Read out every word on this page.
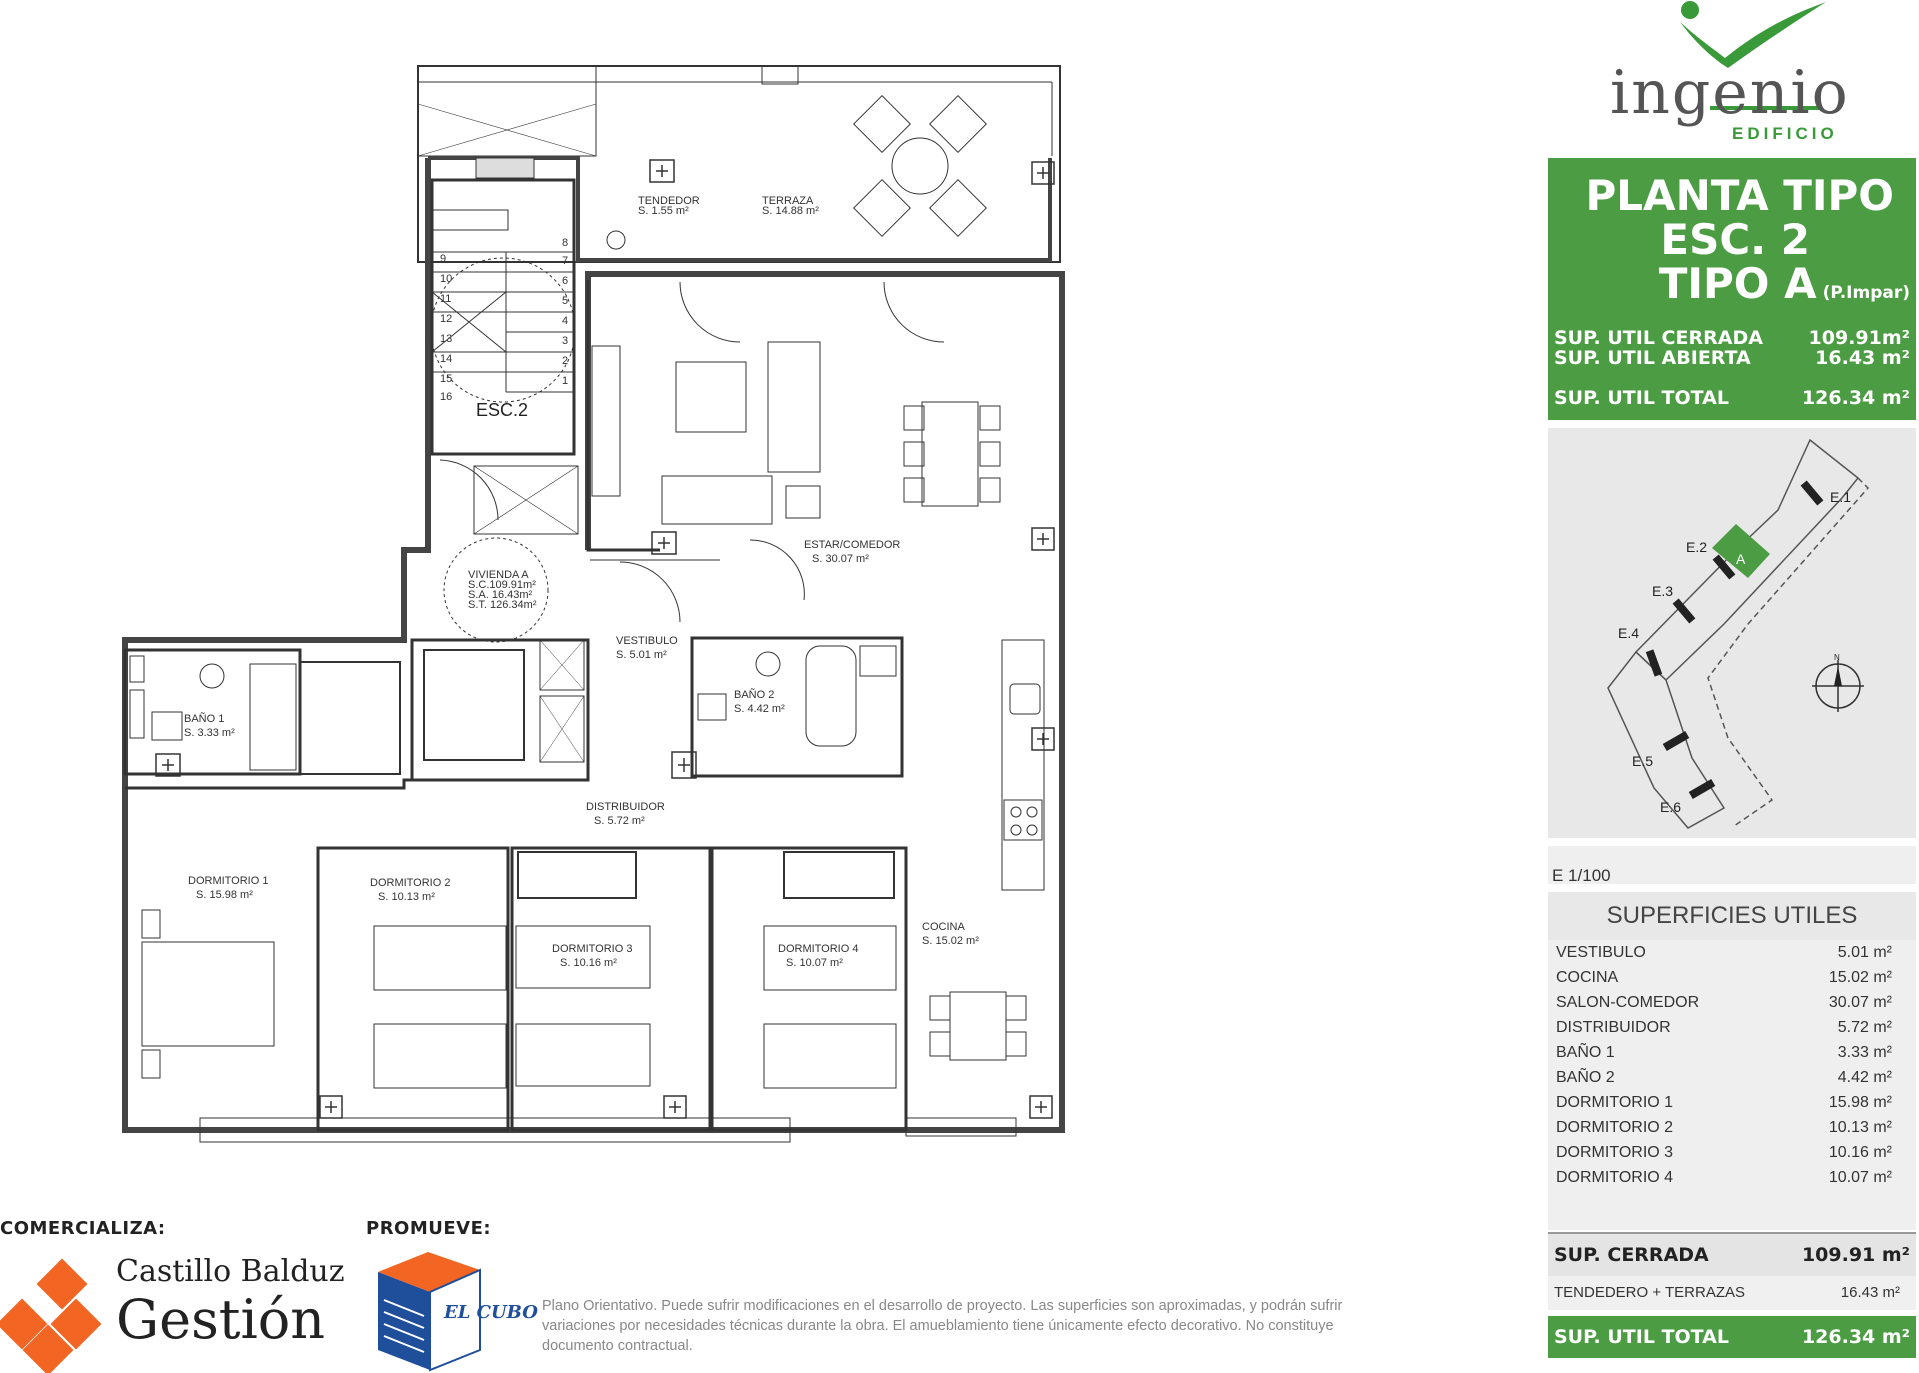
9
10
11
12
13
14
15
16
8
7
6
5
4
3
2
1
ESC.2
TENDEDOR
S. 1.55 m²
TERRAZA
S. 14.88 m²
ESTAR/COMEDOR
S. 30.07 m²
VESTIBULO
S. 5.01 m²
BAÑO 1
S. 3.33 m²
BAÑO 2
S. 4.42 m²
DISTRIBUIDOR
S. 5.72 m²
DORMITORIO 1
S. 15.98 m²
DORMITORIO 2
S. 10.13 m²
DORMITORIO 3
S. 10.16 m²
DORMITORIO 4
S. 10.07 m²
COCINA
S. 15.02 m²
VIVIENDA A
S.C.109.91m²
S.A. 16.43m²
S.T. 126.34m²
EL CUBO
ingenio
EDIFICIO
PLANTA TIPO
ESC. 2
TIPO A (P.Impar)
SUP. UTIL CERRADA 109.91m²
SUP. UTIL ABIERTA	16.43 m²
SUP. UTIL TOTAL	126.34 m²
E.1
E.2
E.3
E.4
E.5
E.6
A
N
E 1/100
SUPERFICIES UTILES
VESTIBULO	5.01 m²
COCINA	15.02 m²
SALON-COMEDOR	30.07 m²
DISTRIBUIDOR	5.72 m²
BAÑO 1	3.33 m²
BAÑO 2	4.42 m²
DORMITORIO 1	15.98 m²
DORMITORIO 2	10.13 m²
DORMITORIO 3	10.16 m²
DORMITORIO 4	10.07 m²
SUP. CERRADA	109.91 m²
TENDEDERO + TERRAZAS	16.43 m²
SUP. UTIL TOTAL	126.34 m²
COMERCIALIZA:	PROMUEVE:
Castillo Balduz
Gestión	Plano Orientativo. Puede sufrir modificaciones en el desarrollo de proyecto. Las superficies son aproximadas, y podrán sufrir variaciones por necesidades técnicas durante la obra. El amueblamiento tiene únicamente efecto decorativo. No constituye documento contractual.
